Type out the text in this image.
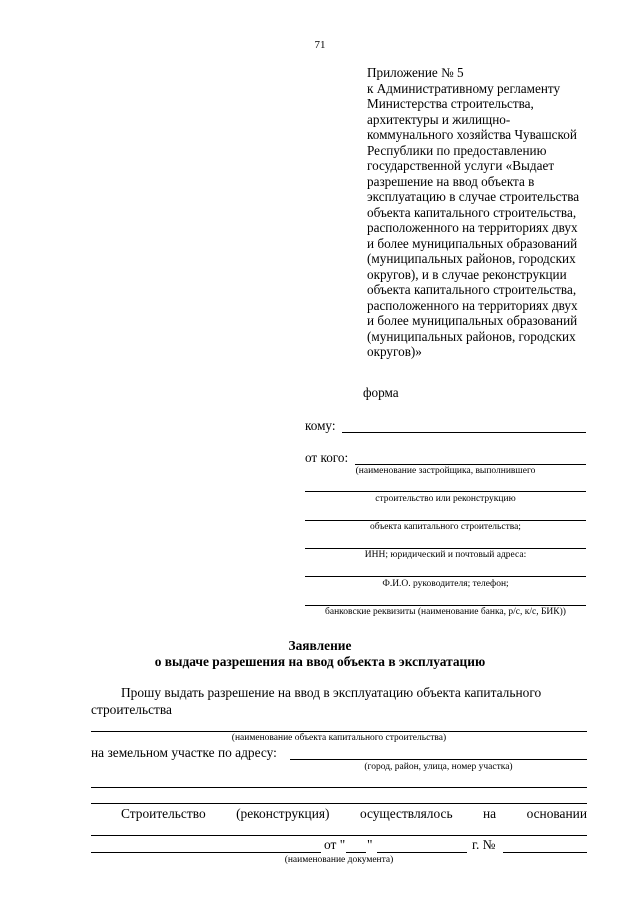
71
Приложение № 5
к Административному регламенту
Министерства строительства,
архитектуры и жилищно-
коммунального хозяйства Чувашской
Республики по предоставлению
государственной услуги «Выдает
разрешение на ввод объекта в
эксплуатацию в случае строительства
объекта капитального строительства,
расположенного на территориях двух
и более муниципальных образований
(муниципальных районов, городских
округов), и в случае реконструкции
объекта капитального строительства,
расположенного на территориях двух
и более муниципальных образований
(муниципальных районов, городских
округов)»
форма
кому:
от кого:
(наименование застройщика, выполнившего
строительство или реконструкцию
объекта капитального строительства;
ИНН; юридический и почтовый адреса:
Ф.И.О. руководителя; телефон;
банковские реквизиты (наименование банка, р/с, к/с, БИК))
Заявление
о выдаче разрешения на ввод объекта в эксплуатацию
Прошу выдать разрешение на ввод в эксплуатацию объекта капитального
строительства
(наименование объекта капитального строительства)
на земельном участке по адресу:
(город, район, улица, номер участка)
Строительство (реконструкция) осуществлялось на основании
от " "	г. №
(наименование документа)
